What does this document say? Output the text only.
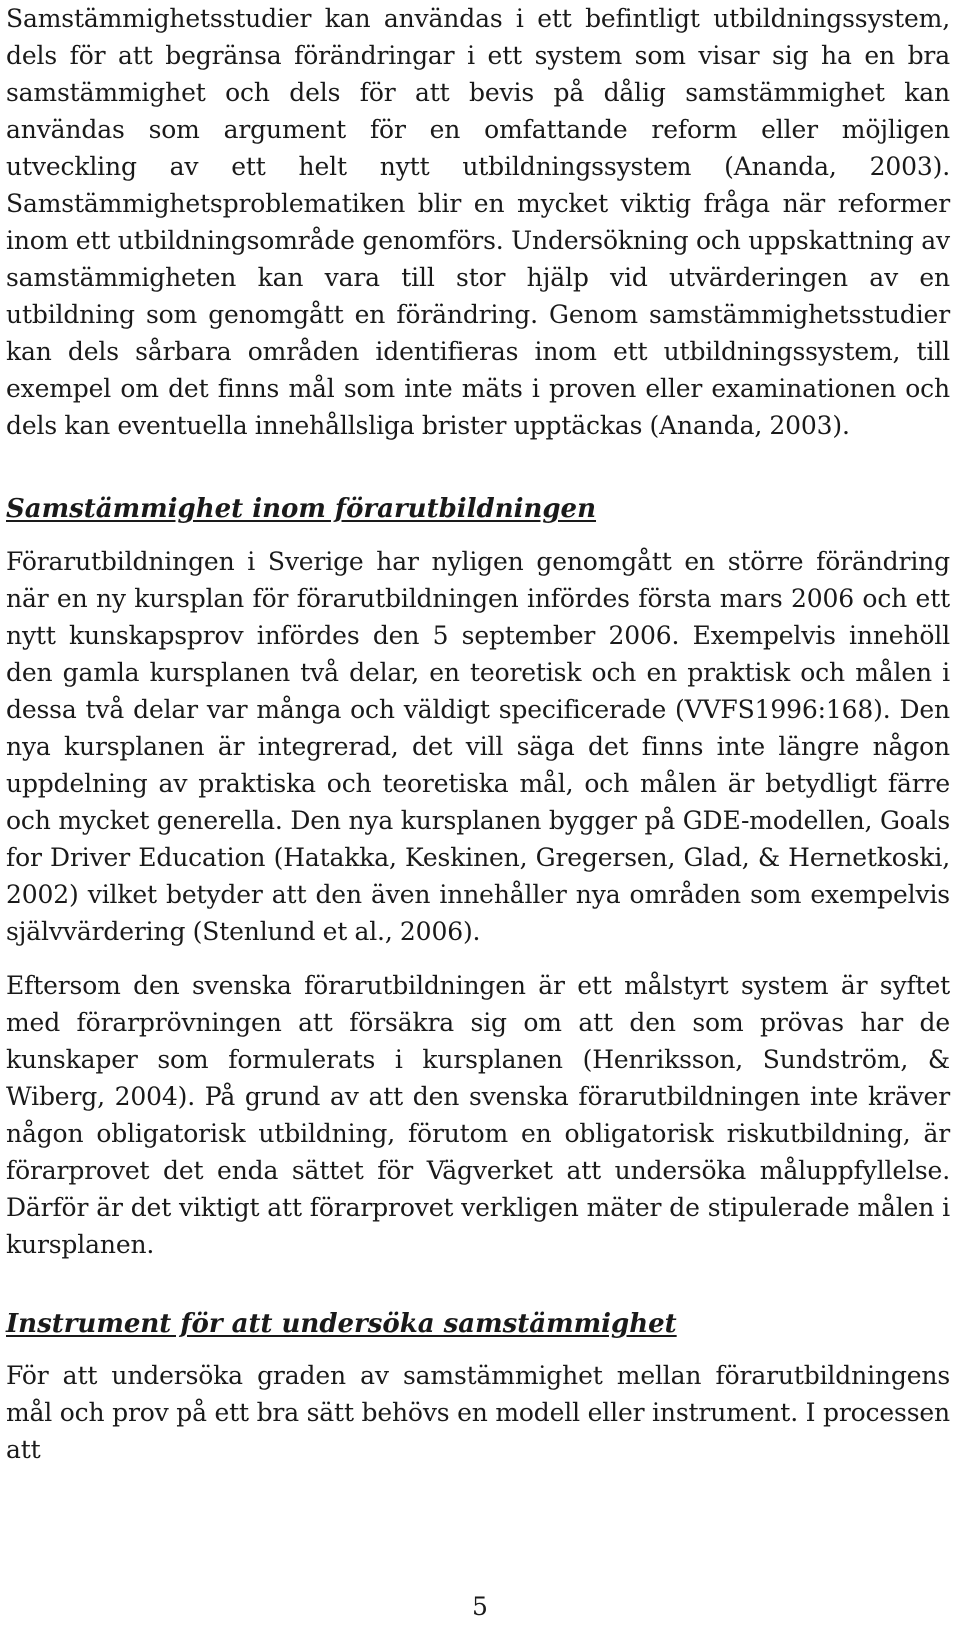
Samstämmighetsstudier kan användas i ett befintligt utbildningssystem, dels för att begränsa förändringar i ett system som visar sig ha en bra samstämmighet och dels för att bevis på dålig samstämmighet kan användas som argument för en omfattande reform eller möjligen utveckling av ett helt nytt utbildningssystem (Ananda, 2003). Samstämmighetsproblematiken blir en mycket viktig fråga när reformer inom ett utbildningsområde genomförs. Undersökning och uppskattning av samstämmigheten kan vara till stor hjälp vid utvärderingen av en utbildning som genomgått en förändring. Genom samstämmighetsstudier kan dels sårbara områden identifieras inom ett utbildningssystem, till exempel om det finns mål som inte mäts i proven eller examinationen och dels kan eventuella innehållsliga brister upptäckas (Ananda, 2003).

Samstämmighet inom förarutbildningen

Förarutbildningen i Sverige har nyligen genomgått en större förändring när en ny kursplan för förarutbildningen infördes första mars 2006 och ett nytt kunskapsprov infördes den 5 september 2006. Exempelvis innehöll den gamla kursplanen två delar, en teoretisk och en praktisk och målen i dessa två delar var många och väldigt specificerade (VVFS1996:168). Den nya kursplanen är integrerad, det vill säga det finns inte längre någon uppdelning av praktiska och teoretiska mål, och målen är betydligt färre och mycket generella. Den nya kursplanen bygger på GDE-modellen, Goals for Driver Education (Hatakka, Keskinen, Gregersen, Glad, & Hernetkoski, 2002) vilket betyder att den även innehåller nya områden som exempelvis självvärdering (Stenlund et al., 2006).

Eftersom den svenska förarutbildningen är ett målstyrt system är syftet med förarprövningen att försäkra sig om att den som prövas har de kunskaper som formulerats i kursplanen (Henriksson, Sundström, & Wiberg, 2004). På grund av att den svenska förarutbildningen inte kräver någon obligatorisk utbildning, förutom en obligatorisk riskutbildning, är förarprovet det enda sättet för Vägverket att undersöka måluppfyllelse. Därför är det viktigt att förarprovet verkligen mäter de stipulerade målen i kursplanen.

Instrument för att undersöka samstämmighet

För att undersöka graden av samstämmighet mellan förarutbildningens mål och prov på ett bra sätt behövs en modell eller instrument. I processen att

5
